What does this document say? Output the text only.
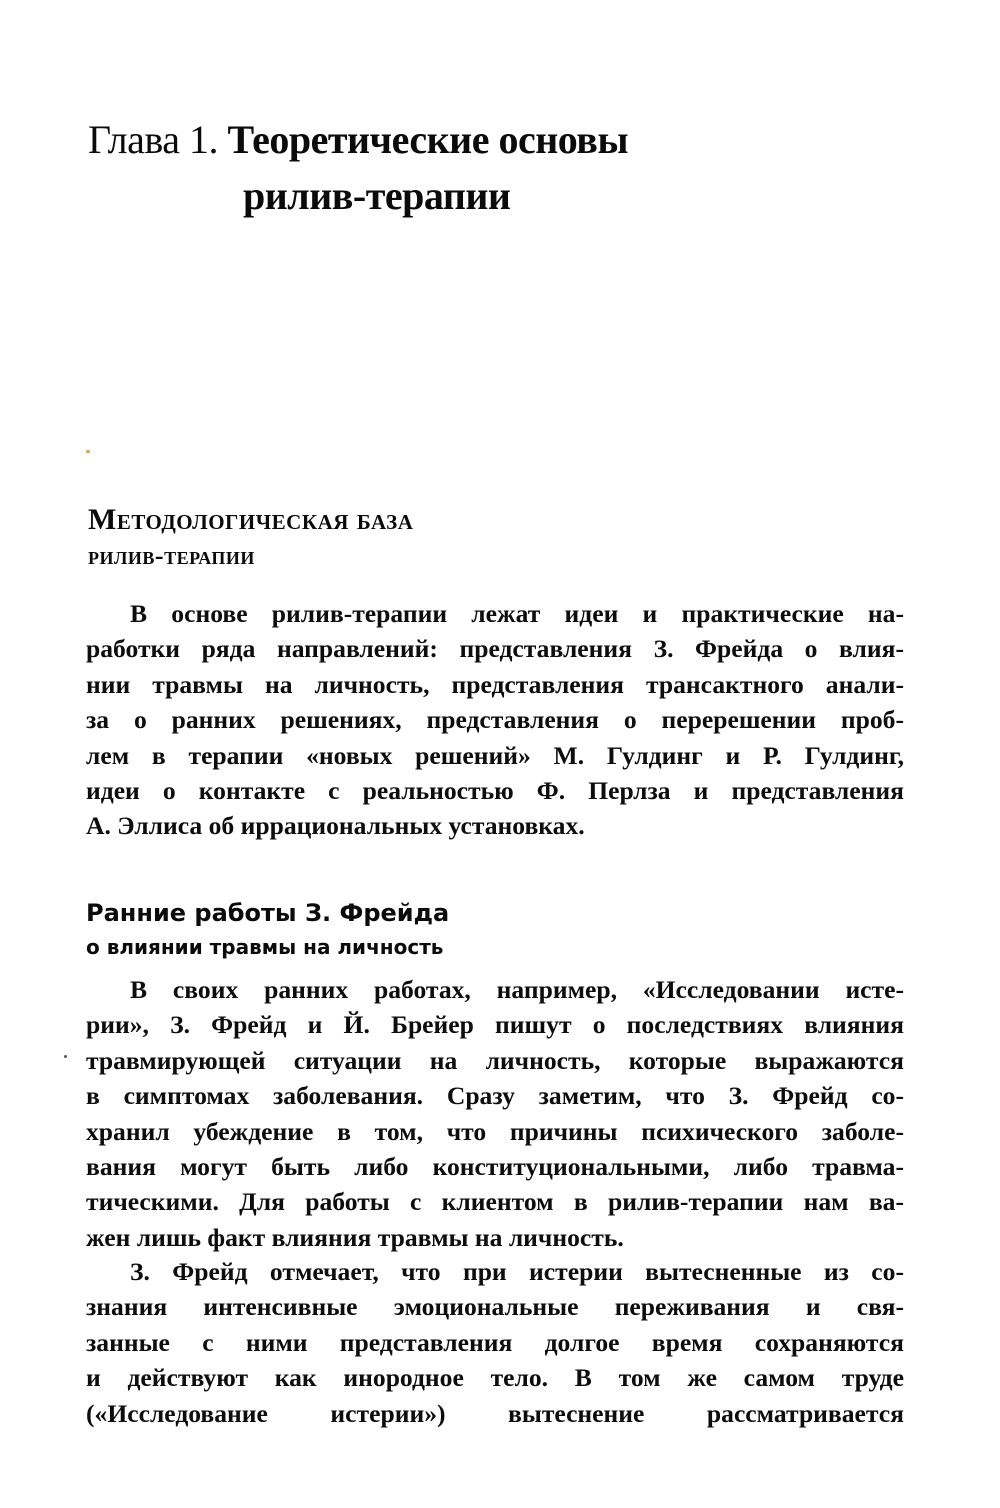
Глава 1. Теоретические основы
рилив-терапии
Методологическая база
рилив-терапии
В основе рилив-терапии лежат идеи и практические на-
работки ряда направлений: представления З. Фрейда о влия-
нии травмы на личность, представления трансактного анали-
за о ранних решениях, представления о перерешении проб-
лем в терапии «новых решений» М. Гулдинг и Р. Гулдинг,
идеи о контакте с реальностью Ф. Перлза и представления
А. Эллиса об иррациональных установках.
Ранние работы З. Фрейда
о влиянии травмы на личность
В своих ранних работах, например, «Исследовании исте-
рии», З. Фрейд и Й. Брейер пишут о последствиях влияния
травмирующей ситуации на личность, которые выражаются
в симптомах заболевания. Сразу заметим, что З. Фрейд со-
хранил убеждение в том, что причины психического заболе-
вания могут быть либо конституциональными, либо травма-
тическими. Для работы с клиентом в рилив-терапии нам ва-
жен лишь факт влияния травмы на личность.
З. Фрейд отмечает, что при истерии вытесненные из со-
знания интенсивные эмоциональные переживания и свя-
занные с ними представления долгое время сохраняются
и действуют как инородное тело. В том же самом труде
(«Исследование истерии») вытеснение рассматривается
